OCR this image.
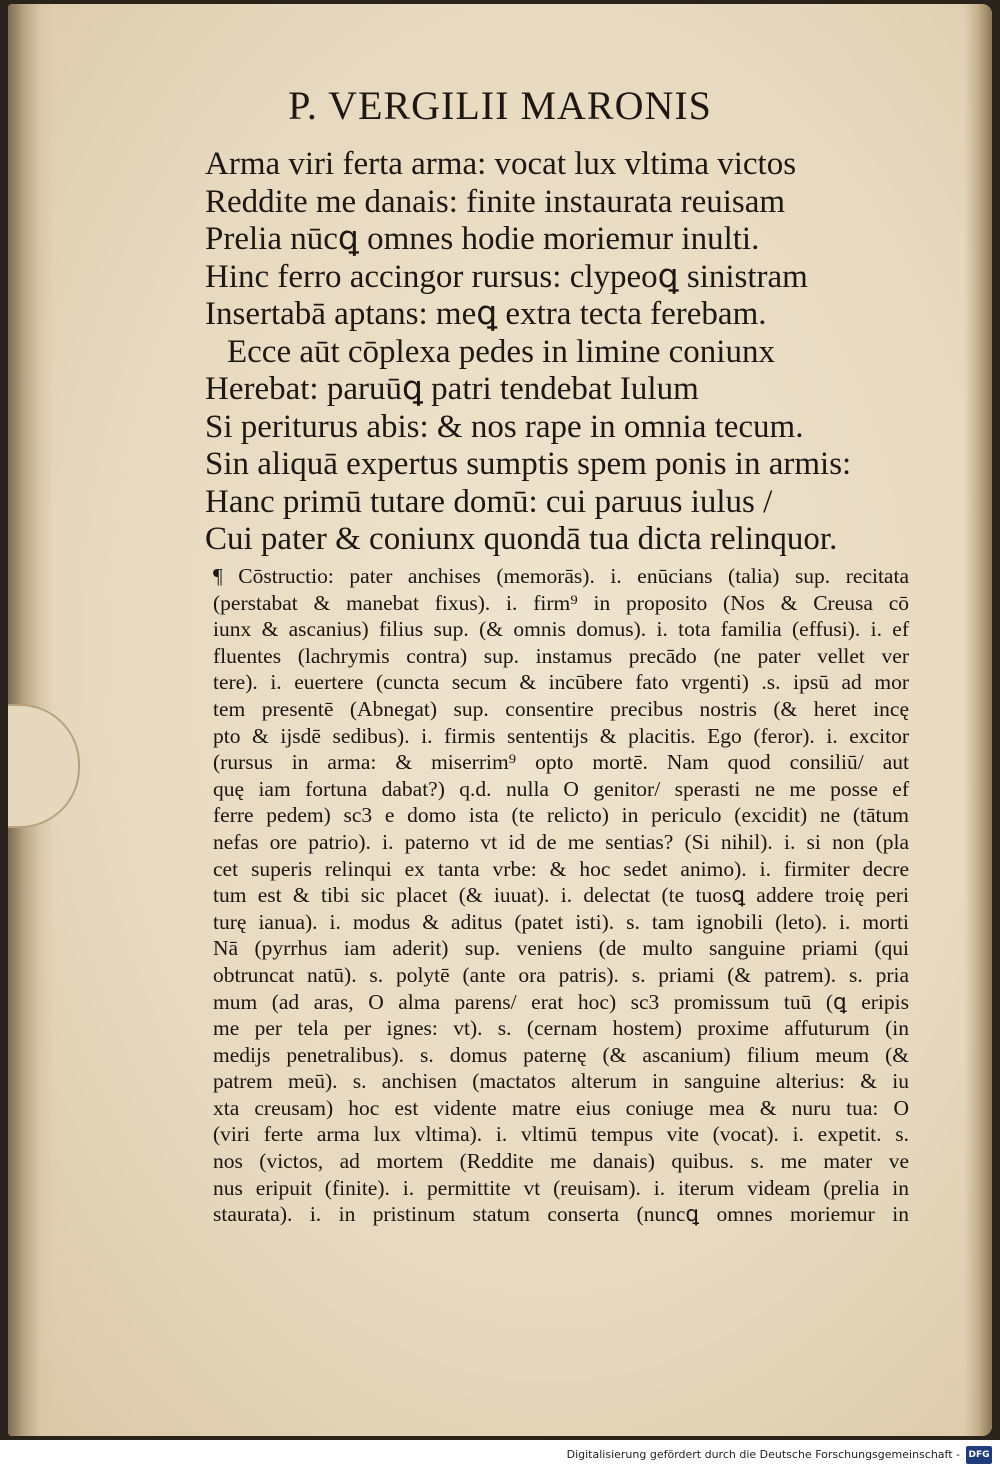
P. VERGILII MARONIS
Arma viri ferta arma: vocat lux vltima victos
Reddite me danais: finite instaurata reuisam
Prelia nūcꝗ omnes hodie moriemur inulti.
Hinc ferro accingor rursus: clypeoꝗ sinistram
Insertabā aptans: meꝗ extra tecta ferebam.
Ecce aūt cōplexa pedes in limine coniunx
Herebat: paruūꝗ patri tendebat Iulum
Si periturus abis: & nos rape in omnia tecum.
Sin aliquā expertus sumptis spem ponis in armis:
Hanc primū tutare domū: cui paruus iulus /
Cui pater & coniunx quondā tua dicta relinquor.
¶ Cōstructio: pater anchises (memorās). i. enūcians (talia) sup. recitata
(perstabat & manebat fixus). i. firm⁹ in proposito (Nos & Creusa cō
iunx & ascanius) filius sup. (& omnis domus). i. tota familia (effusi). i. ef
fluentes (lachrymis contra) sup. instamus precādo (ne pater vellet ver
tere). i. euertere (cuncta secum & incūbere fato vrgenti) .s. ipsū ad mor
tem presentē (Abnegat) sup. consentire precibus nostris (& heret incę
pto & ijsdē sedibus). i. firmis sententijs & placitis. Ego (feror). i. excitor
(rursus in arma: & miserrim⁹ opto mortē. Nam quod consiliū/ aut
quę iam fortuna dabat?) q.d. nulla O genitor/ sperasti ne me posse ef
ferre pedem) sc3 e domo ista (te relicto) in periculo (excidit) ne (tātum
nefas ore patrio). i. paterno vt id de me sentias? (Si nihil). i. si non (pla
cet superis relinqui ex tanta vrbe: & hoc sedet animo). i. firmiter decre
tum est & tibi sic placet (& iuuat). i. delectat (te tuosꝗ addere troię peri
turę ianua). i. modus & aditus (patet isti). s. tam ignobili (leto). i. morti
Nā (pyrrhus iam aderit) sup. veniens (de multo sanguine priami (qui
obtruncat natū). s. polytē (ante ora patris). s. priami (& patrem). s. pria
mum (ad aras, O alma parens/ erat hoc) sc3 promissum tuū (ꝗ eripis
me per tela per ignes: vt). s. (cernam hostem) proxime affuturum (in
medijs penetralibus). s. domus paternę (& ascanium) filium meum (&
patrem meū). s. anchisen (mactatos alterum in sanguine alterius: & iu
xta creusam) hoc est vidente matre eius coniuge mea & nuru tua: O
(viri ferte arma lux vltima). i. vltimū tempus vite (vocat). i. expetit. s.
nos (victos, ad mortem (Reddite me danais) quibus. s. me mater ve
nus eripuit (finite). i. permittite vt (reuisam). i. iterum videam (prelia in
staurata). i. in pristinum statum conserta (nuncꝗ omnes moriemur in
Digitalisierung gefördert durch die Deutsche Forschungsgemeinschaft - DFG
